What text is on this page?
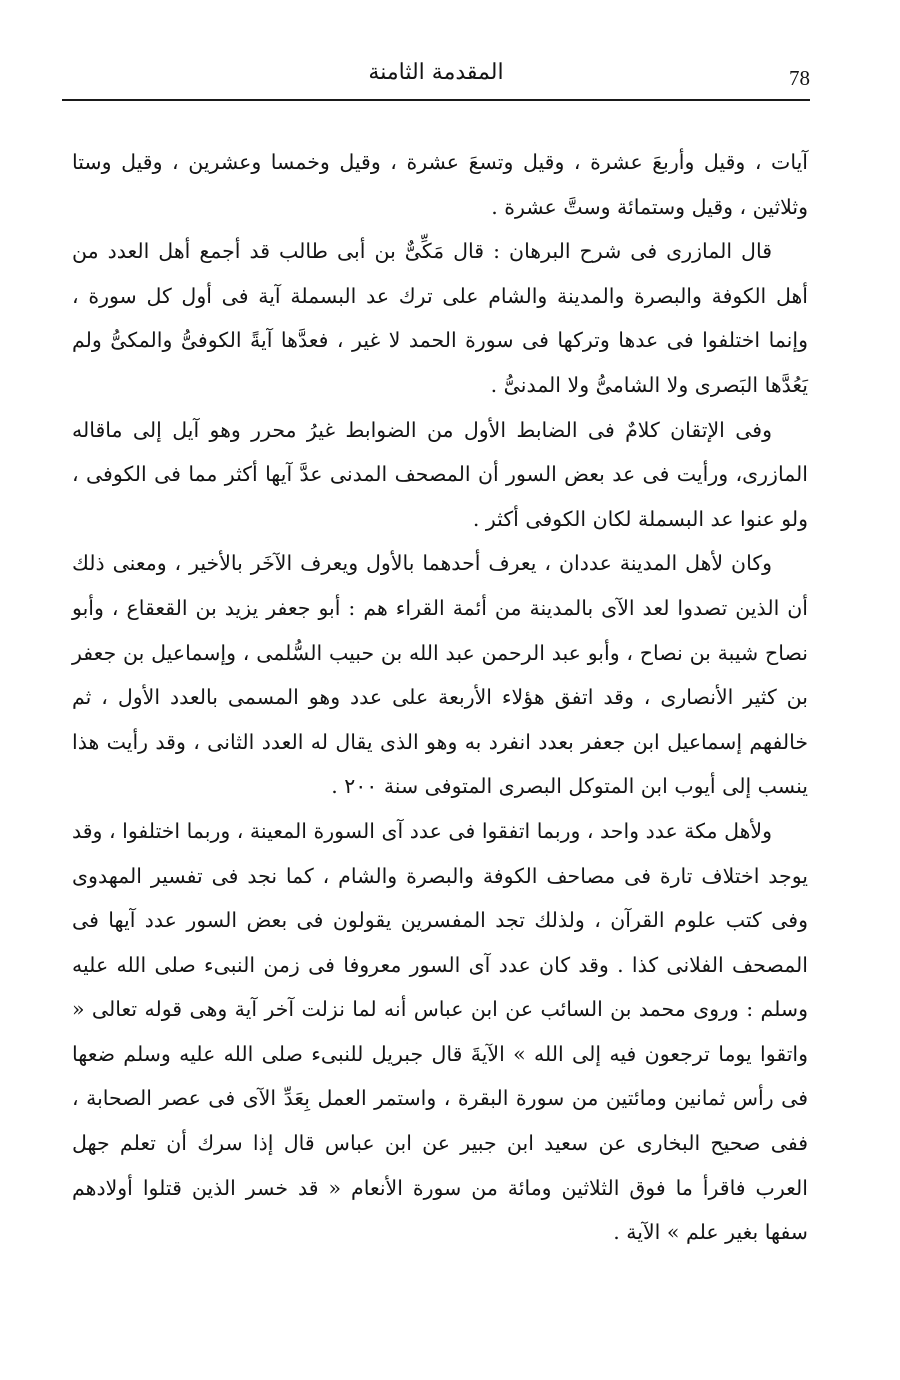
78
المقدمة الثامنة

آيات ، وقيل وأربعَ عشرة ، وقيل وتسعَ عشرة ، وقيل وخمسا وعشرين ، وقيل وستا وثلاثين ، وقيل وستمائة وستَّ عشرة .

قال المازرى فى شرح البرهان : قال مَكِّىٌّ بن أبى طالب قد أجمع أهل العدد من أهل الكوفة والبصرة والمدينة والشام على ترك عد البسملة آية فى أول كل سورة ، وإنما اختلفوا فى عدها وتركها فى سورة الحمد لا غير ، فعدَّها آيةً الكوفىُّ والمكىُّ ولم يَعُدَّها البَصرى ولا الشامىُّ ولا المدنىُّ .

وفى الإتقان كلامٌ فى الضابط الأول من الضوابط غيرُ محرر وهو آيل إلى ماقاله المازرى، ورأيت فى عد بعض السور أن المصحف المدنى عدَّ آيها أكثر مما فى الكوفى ، ولو عنوا عد البسملة لكان الكوفى أكثر .

وكان لأهل المدينة عددان ، يعرف أحدهما بالأول ويعرف الآخَر بالأخير ، ومعنى ذلك أن الذين تصدوا لعد الآى بالمدينة من أئمة القراء هم : أبو جعفر يزيد بن القعقاع ، وأبو نصاح شيبة بن نصاح ، وأبو عبد الرحمن عبد الله بن حبيب السُّلمى ، وإسماعيل بن جعفر بن كثير الأنصارى ، وقد اتفق هؤلاء الأربعة على عدد وهو المسمى بالعدد الأول ، ثم خالفهم إسماعيل ابن جعفر بعدد انفرد به وهو الذى يقال له العدد الثانى ، وقد رأيت هذا ينسب إلى أيوب ابن المتوكل البصرى المتوفى سنة ٢٠٠ .

ولأهل مكة عدد واحد ، وربما اتفقوا فى عدد آى السورة المعينة ، وربما اختلفوا ، وقد يوجد اختلاف تارة فى مصاحف الكوفة والبصرة والشام ، كما نجد فى تفسير المهدوى وفى كتب علوم القرآن ، ولذلك تجد المفسرين يقولون فى بعض السور عدد آيها فى المصحف الفلانى كذا . وقد كان عدد آى السور معروفا فى زمن النبىء صلى الله عليه وسلم : وروى محمد بن السائب عن ابن عباس أنه لما نزلت آخر آية وهى قوله تعالى « واتقوا يوما ترجعون فيه إلى الله » الآيةَ قال جبريل للنبىء صلى الله عليه وسلم ضعها فى رأس ثمانين ومائتين من سورة البقرة ، واستمر العمل بِعَدِّ الآى فى عصر الصحابة ، ففى صحيح البخارى عن سعيد ابن جبير عن ابن عباس قال إذا سرك أن تعلم جهل العرب فاقرأ ما فوق الثلاثين ومائة من سورة الأنعام « قد خسر الذين قتلوا أولادهم سفها بغير علم » الآية .
